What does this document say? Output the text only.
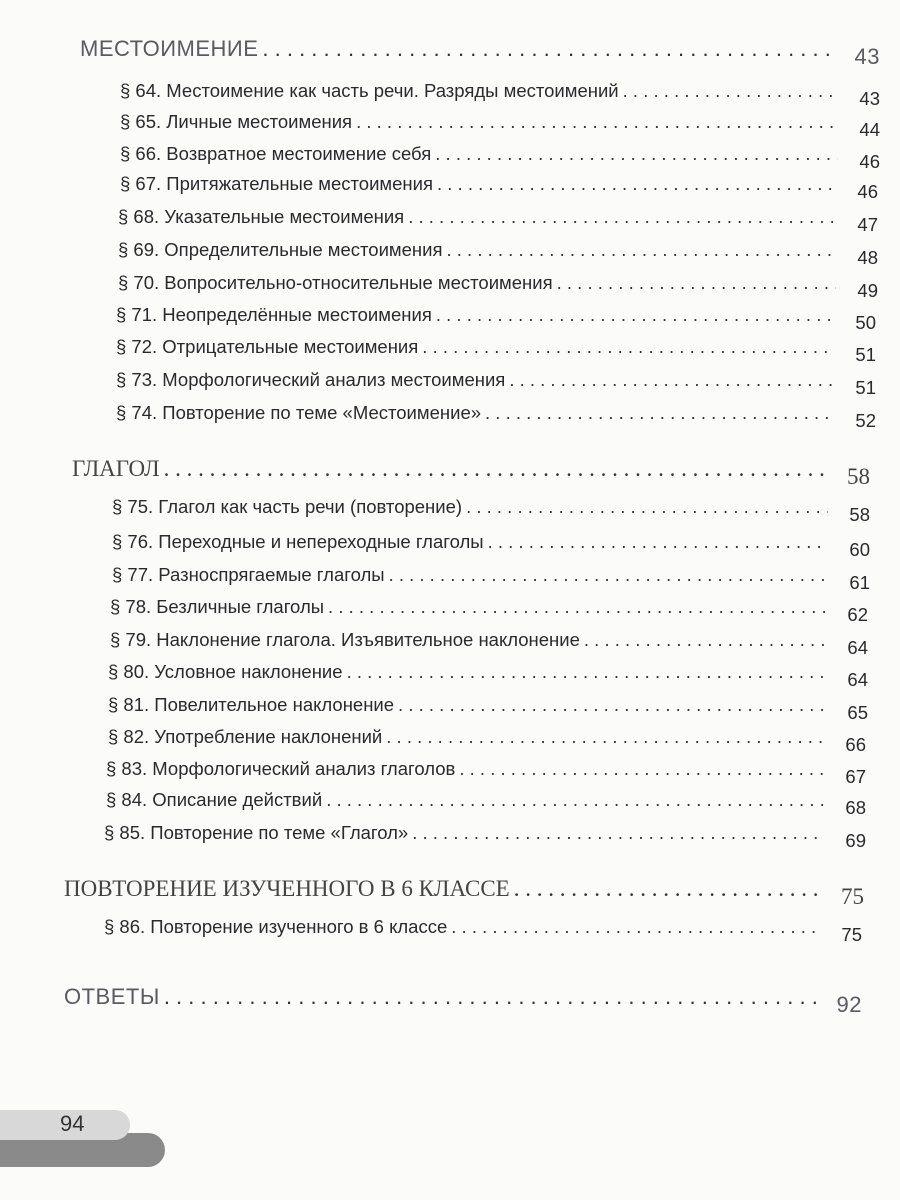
МЕСТОИМЕНИЕ . . .	43
§ 64. Местоимение как часть речи. Разряды местоимений . . .	43
§ 65. Личные местоимения . . .	44
§ 66. Возвратное местоимение себя . . .	46
§ 67. Притяжательные местоимения . . .	46
§ 68. Указательные местоимения . . .	47
§ 69. Определительные местоимения . . .	48
§ 70. Вопросительно-относительные местоимения . . .	49
§ 71. Неопределённые местоимения . . .	50
§ 72. Отрицательные местоимения . . .	51
§ 73. Морфологический анализ местоимения . . .	51
§ 74. Повторение по теме «Местоимение» . . .	52
ГЛАГОЛ . . .	58
§ 75. Глагол как часть речи (повторение) . . .	58
§ 76. Переходные и непереходные глаголы . . .	60
§ 77. Разноспрягаемые глаголы . . .	61
§ 78. Безличные глаголы . . .	62
§ 79. Наклонение глагола. Изъявительное наклонение . . .	64
§ 80. Условное наклонение . . .	64
§ 81. Повелительное наклонение . . .	65
§ 82. Употребление наклонений . . .	66
§ 83. Морфологический анализ глаголов . . .	67
§ 84. Описание действий . . .	68
§ 85. Повторение по теме «Глагол» . . .	69
ПОВТОРЕНИЕ ИЗУЧЕННОГО В 6 КЛАССЕ . . .	75
§ 86. Повторение изученного в 6 классе . . .	75
ОТВЕТЫ . . .	92
94
